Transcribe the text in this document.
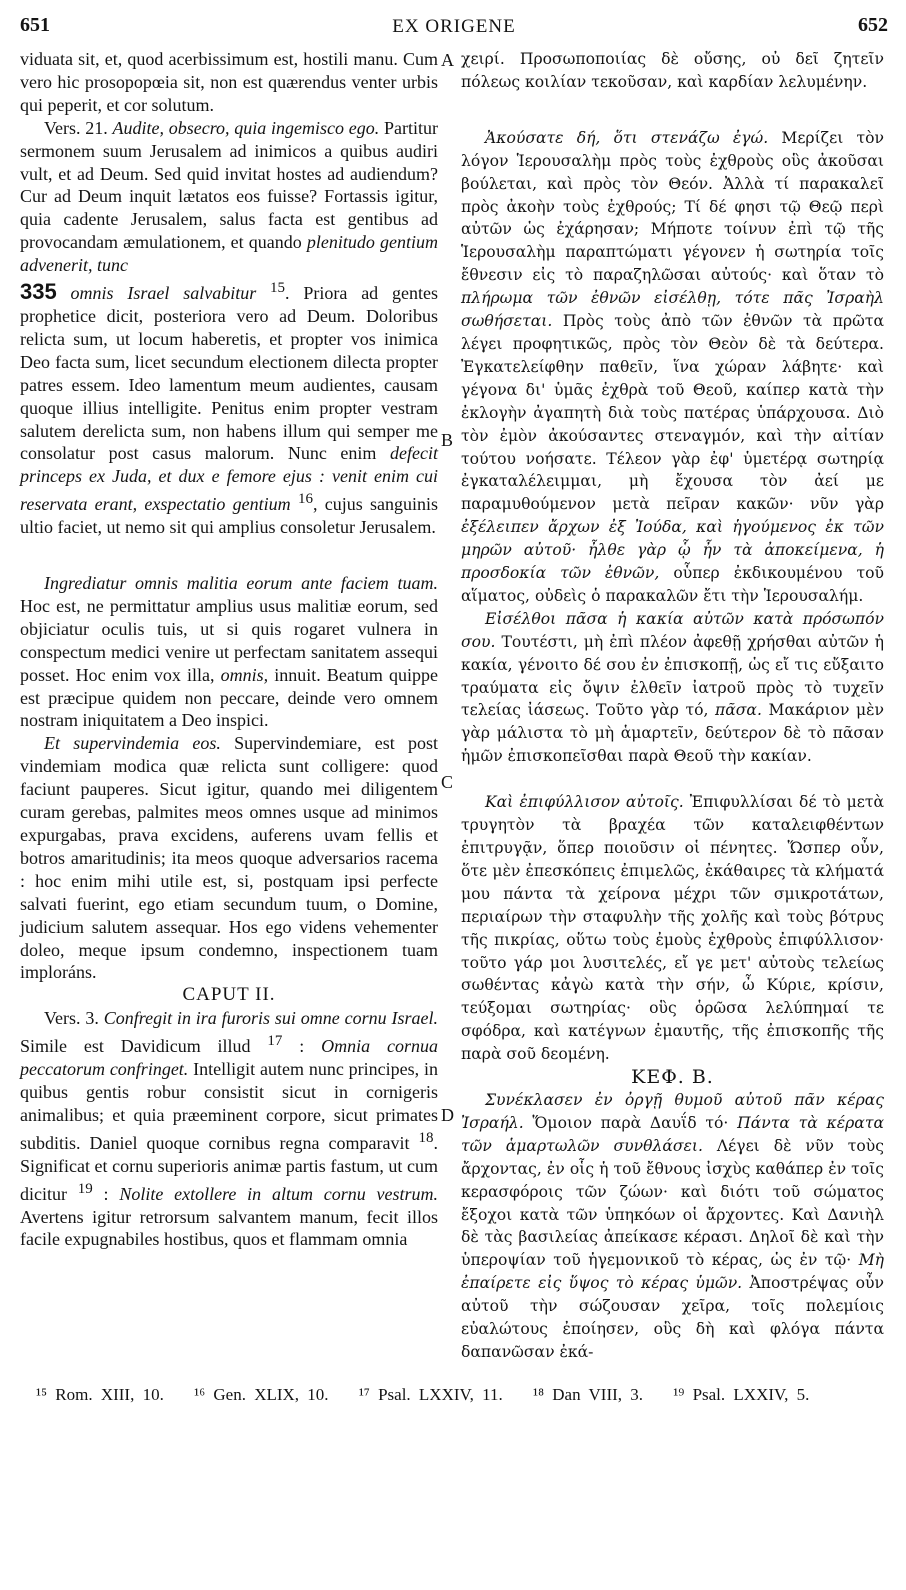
651	EX ORIGENE	652
A
B
C
D

viduata sit, et, quod acerbissimum est, hostili manu. Cum vero hic prosopopœia sit, non est quærendus venter urbis qui peperit, et cor solutum.

Vers. 21. Audite, obsecro, quia ingemisco ego. Partitur sermonem suum Jerusalem ad inimicos a quibus audiri vult, et ad Deum. Sed quid invitat hostes ad audiendum? Cur ad Deum inquit lætatos eos fuisse? Fortassis igitur, quia cadente Jerusalem, salus facta est gentibus ad provocandam æmulationem, et quando plenitudo gentium advenerit, tunc
335 omnis Israel salvabitur $^{15}$. Priora ad gentes prophetice dicit, posteriora vero ad Deum. Doloribus relicta sum, ut locum haberetis, et propter vos inimica Deo facta sum, licet secundum electionem dilecta propter patres essem. Ideo lamentum meum audientes, causam quoque illius intelligite. Penitus enim propter vestram salutem derelicta sum, non habens illum qui semper me consolatur post casus malorum. Nunc enim defecit princeps ex Juda, et dux e femore ejus : venit enim cui reservata erant, exspectatio gentium $^{16}$, cujus sanguinis ultio faciet, ut nemo sit qui amplius consoletur Jerusalem.

Ingrediatur omnis malitia eorum ante faciem tuam. Hoc est, ne permittatur amplius usus malitiæ eorum, sed objiciatur oculis tuis, ut si quis rogaret vulnera in conspectum medici venire ut perfectam sanitatem assequi posset. Hoc enim vox illa, omnis, innuit. Beatum quippe est præcipue quidem non peccare, deinde vero omnem nostram iniquitatem a Deo inspici.

Et supervindemia eos. Supervindemiare, est post vindemiam modica quæ relicta sunt colligere: quod faciunt pauperes. Sicut igitur, quando mei diligentem curam gerebas, palmites meos omnes usque ad minimos expurgabas, prava excidens, auferens uvam fellis et botros amaritudinis; ita meos quoque adversarios racema : hoc enim mihi utile est, si, postquam ipsi perfecte salvati fuerint, ego etiam secundum tuum, o Domine, judicium salutem assequar. Hos ego videns vehementer doleo, meque ipsum condemno, inspectionem tuam imploráns.

CAPUT II.

Vers. 3. Confregit in ira furoris sui omne cornu Israel. Simile est Davidicum illud $^{17}$ : Omnia cornua peccatorum confringet. Intelligit autem nunc principes, in quibus gentis robur consistit sicut in cornigeris animalibus; et quia præeminent corpore, sicut primates subditis. Daniel quoque cornibus regna comparavit $^{18}$. Significat et cornu superioris animæ partis fastum, ut cum dicitur $^{19}$ : Nolite extollere in altum cornu vestrum. Avertens igitur retrorsum salvantem manum, fecit illos facile expugnabiles hostibus, quos et flammam omnia

χειρί. Προσωποποιίας δὲ οὔσης, οὐ δεῖ ζητεῖν πόλεως κοιλίαν τεκοῦσαν, καὶ καρδίαν λελυμένην.

Ἀκούσατε δή, ὅτι στενάζω ἐγώ. Μερίζει τὸν λόγον Ἱερουσαλὴμ πρὸς τοὺς ἐχθροὺς οὓς ἀκοῦσαι βούλεται, καὶ πρὸς τὸν Θεόν. Ἀλλὰ τί παρακαλεῖ πρὸς ἀκοὴν τοὺς ἐχθρούς; Τί δέ φησι τῷ Θεῷ περὶ αὐτῶν ὡς ἐχάρησαν; Μήποτε τοίνυν ἐπὶ τῷ τῆς Ἱερουσαλὴμ παραπτώματι γέγονεν ἡ σωτηρία τοῖς ἔθνεσιν εἰς τὸ παραζηλῶσαι αὐτούς· καὶ ὅταν τὸ πλήρωμα τῶν ἐθνῶν εἰσέλθῃ, τότε πᾶς Ἰσραὴλ σωθήσεται. Πρὸς τοὺς ἀπὸ τῶν ἐθνῶν τὰ πρῶτα λέγει προφητικῶς, πρὸς τὸν Θεὸν δὲ τὰ δεύτερα. Ἐγκατελείφθην παθεῖν, ἵνα χώραν λάβητε· καὶ γέγονα δι' ὑμᾶς ἐχθρὰ τοῦ Θεοῦ, καίπερ κατὰ τὴν ἐκλογὴν ἀγαπητὴ διὰ τοὺς πατέρας ὑπάρχουσα. Διὸ τὸν ἐμὸν ἀκούσαντες στεναγμόν, καὶ τὴν αἰτίαν τούτου νοήσατε. Τέλεον γὰρ ἐφ' ὑμετέρᾳ σωτηρίᾳ ἐγκαταλέλειμμαι, μὴ ἔχουσα τὸν ἀεί με παραμυθούμενον μετὰ πεῖραν κακῶν· νῦν γὰρ ἐξέλειπεν ἄρχων ἐξ Ἰούδα, καὶ ἡγούμενος ἐκ τῶν μηρῶν αὐτοῦ· ἦλθε γὰρ ᾧ ἦν τὰ ἀποκείμενα, ἡ προσδοκία τῶν ἐθνῶν, οὗπερ ἐκδικουμένου τοῦ αἵματος, οὐδεὶς ὁ παρακαλῶν ἔτι τὴν Ἱερουσαλήμ.

Εἰσέλθοι πᾶσα ἡ κακία αὐτῶν κατὰ πρόσωπόν σου. Τουτέστι, μὴ ἐπὶ πλέον ἀφεθῇ χρήσθαι αὐτῶν ἡ κακία, γένοιτο δέ σου ἐν ἐπισκοπῇ, ὡς εἴ τις εὔξαιτο τραύματα εἰς ὄψιν ἐλθεῖν ἰατροῦ πρὸς τὸ τυχεῖν τελείας ἰάσεως. Τοῦτο γὰρ τό, πᾶσα. Μακάριον μὲν γὰρ μάλιστα τὸ μὴ ἁμαρτεῖν, δεύτερον δὲ τὸ πᾶσαν ἡμῶν ἐπισκοπεῖσθαι παρὰ Θεοῦ τὴν κακίαν.

Καὶ ἐπιφύλλισον αὐτοῖς. Ἐπιφυλλίσαι δέ τὸ μετὰ τρυγητὸν τὰ βραχέα τῶν καταλειφθέντων ἐπιτρυγᾷν, ὅπερ ποιοῦσιν οἱ πένητες. Ὥσπερ οὖν, ὅτε μὲν ἐπεσκόπεις ἐπιμελῶς, ἐκάθαιρες τὰ κλήματά μου πάντα τὰ χείρονα μέχρι τῶν σμικροτάτων, περιαίρων τὴν σταφυλὴν τῆς χολῆς καὶ τοὺς βότρυς τῆς πικρίας, οὕτω τοὺς ἐμοὺς ἐχθροὺς ἐπιφύλλισον· τοῦτο γάρ μοι λυσιτελές, εἴ γε μετ' αὐτοὺς τελείως σωθέντας κἀγὼ κατὰ τὴν σήν, ὦ Κύριε, κρίσιν, τεύξομαι σωτηρίας· οὓς ὁρῶσα λελύπημαί τε σφόδρα, καὶ κατέγνων ἐμαυτῆς, τῆς ἐπισκοπῆς τῆς παρὰ σοῦ δεομένη.

ΚΕΦ. Β.

Συνέκλασεν ἐν ὀργῇ θυμοῦ αὐτοῦ πᾶν κέρας Ἰσραήλ. Ὅμοιον παρὰ Δαυΐδ τό· Πάντα τὰ κέρατα τῶν ἁμαρτωλῶν συνθλάσει. Λέγει δὲ νῦν τοὺς ἄρχοντας, ἐν οἷς ἡ τοῦ ἔθνους ἰσχὺς καθάπερ ἐν τοῖς κερασφόροις τῶν ζώων· καὶ διότι τοῦ σώματος ἔξοχοι κατὰ τῶν ὑπηκόων οἱ ἄρχοντες. Καὶ Δανιὴλ δὲ τὰς βασιλείας ἀπείκασε κέρασι. Δηλοῖ δὲ καὶ τὴν ὑπεροψίαν τοῦ ἡγεμονικοῦ τὸ κέρας, ὡς ἐν τῷ· Μὴ ἐπαίρετε εἰς ὕψος τὸ κέρας ὑμῶν. Ἀποστρέψας οὖν αὐτοῦ τὴν σώζουσαν χεῖρα, τοῖς πολεμίοις εὐαλώτους ἐποίησεν, οὓς δὴ καὶ φλόγα πάντα δαπανῶσαν ἐκά-

¹⁵ Rom. XIII, 10. ¹⁶ Gen. XLIX, 10. ¹⁷ Psal. LXXIV, 11. ¹⁸ Dan VIII, 3. ¹⁹ Psal. LXXIV, 5.
